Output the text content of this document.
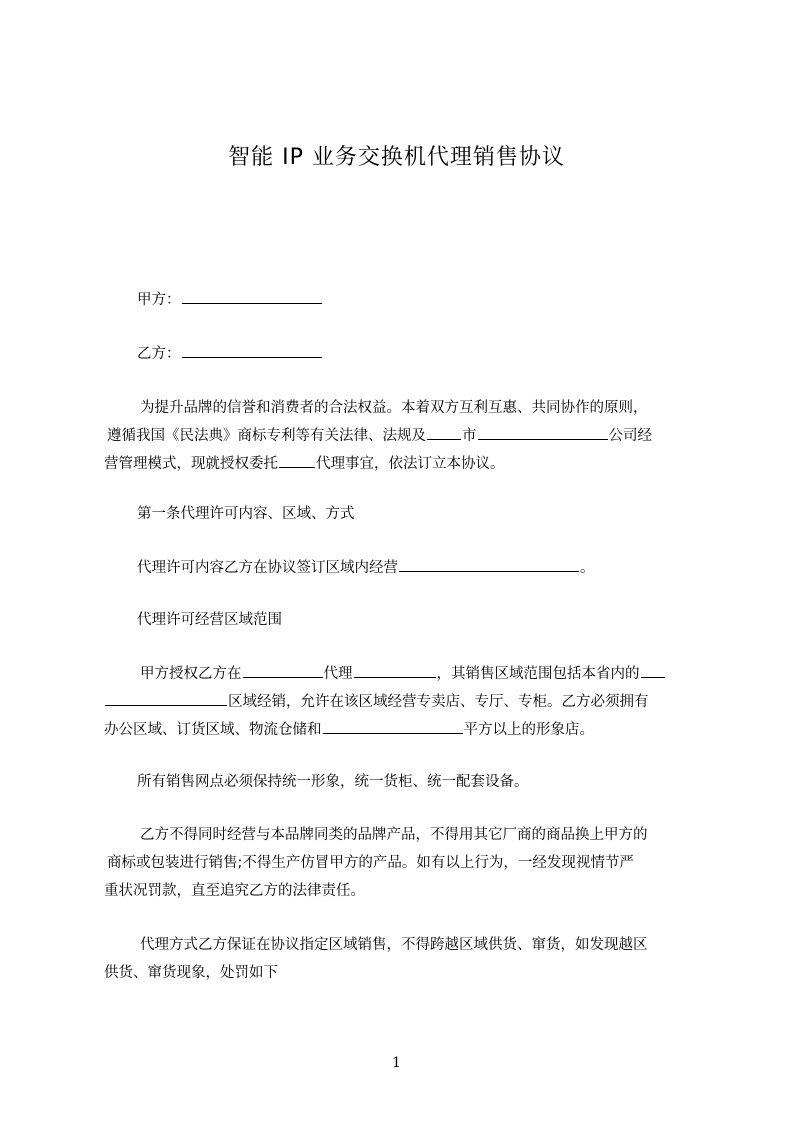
智能 IP 业务交换机代理销售协议
甲方：
乙方：
为提升品牌的信誉和消费者的合法权益。本着双方互利互惠、共同协作的原则，
遵循我国《民法典》商标专利等有关法律、法规及 市	公司经
营管理模式，现就授权委托	代理事宜，依法订立本协议。
第一条代理许可内容、区域、方式
代理许可内容乙方在协议签订区域内经营	。
代理许可经营区域范围
甲方授权乙方在	代理	，其销售区域范围包括本省内的
区域经销，允许在该区域经营专卖店、专厅、专柜。乙方必须拥有
办公区域、订货区域、物流仓储和	平方以上的形象店。
所有销售网点必须保持统一形象，统一货柜、统一配套设备。
乙方不得同时经营与本品牌同类的品牌产品，不得用其它厂商的商品换上甲方的
商标或包装进行销售;不得生产仿冒甲方的产品。如有以上行为，一经发现视情节严
重状况罚款，直至追究乙方的法律责任。
代理方式乙方保证在协议指定区域销售，不得跨越区域供货、窜货，如发现越区
供货、窜货现象，处罚如下
1
